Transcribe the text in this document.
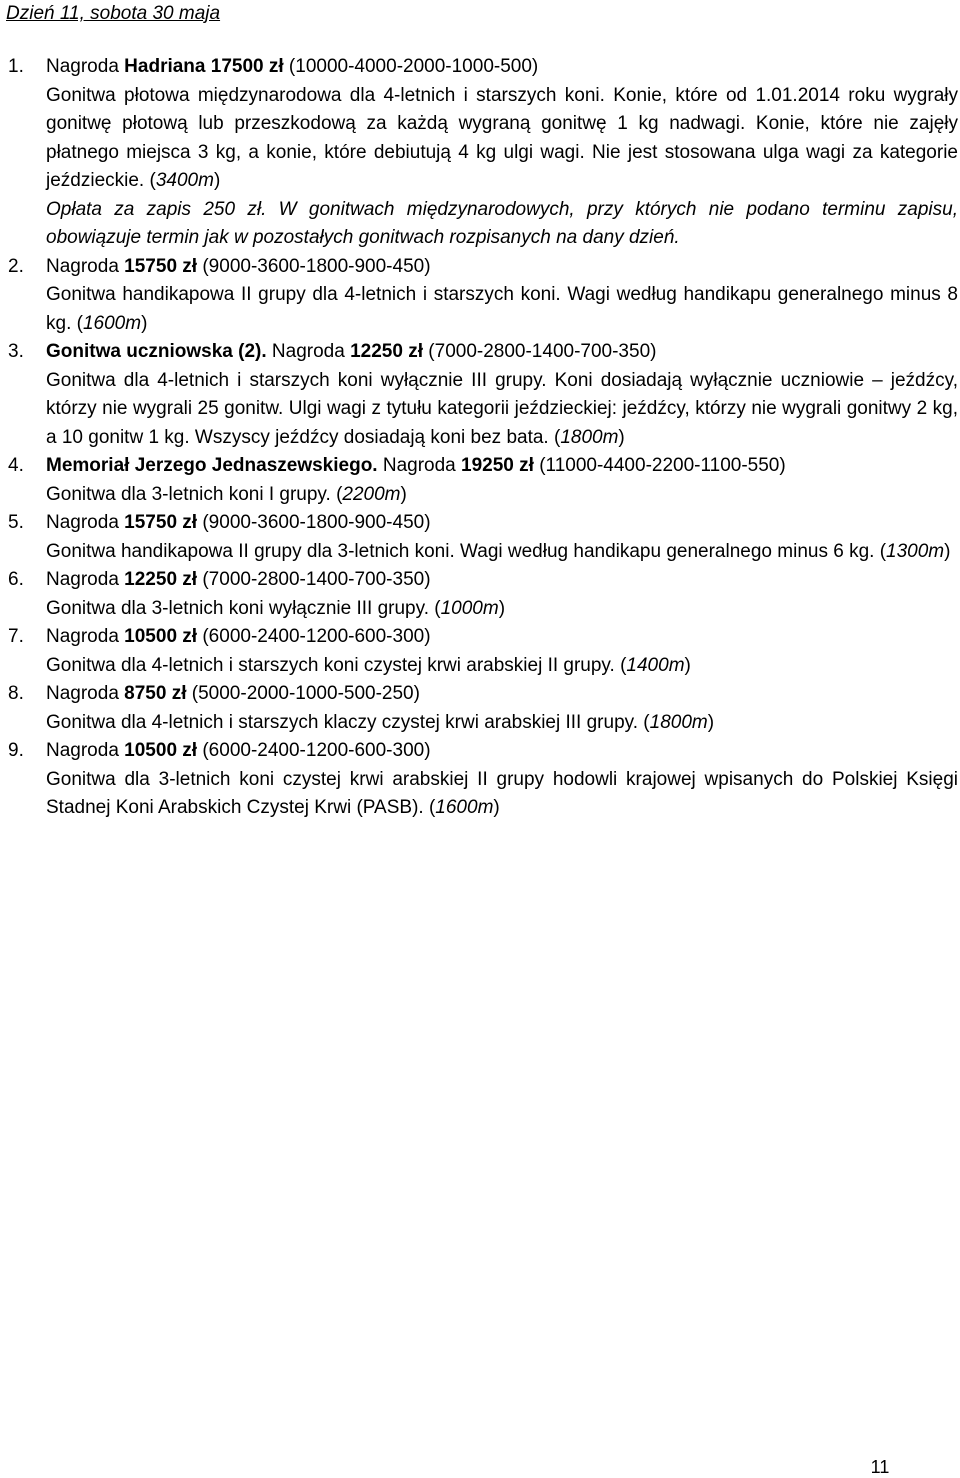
Dzień 11, sobota 30 maja
1. Nagroda Hadriana 17500 zł (10000-4000-2000-1000-500)
Gonitwa płotowa międzynarodowa dla 4-letnich i starszych koni. Konie, które od 1.01.2014 roku wygrały gonitwę płotową lub przeszkodową za każdą wygraną gonitwę 1 kg nadwagi. Konie, które nie zajęły płatnego miejsca 3 kg, a konie, które debiutują 4 kg ulgi wagi. Nie jest stosowana ulga wagi za kategorie jeździeckie. (3400m)
Opłata za zapis 250 zł. W gonitwach międzynarodowych, przy których nie podano terminu zapisu, obowiązuje termin jak w pozostałych gonitwach rozpisanych na dany dzień.
2. Nagroda 15750 zł (9000-3600-1800-900-450)
Gonitwa handikapowa II grupy dla 4-letnich i starszych koni. Wagi według handikapu generalnego minus 8 kg. (1600m)
3. Gonitwa uczniowska (2). Nagroda 12250 zł (7000-2800-1400-700-350)
Gonitwa dla 4-letnich i starszych koni wyłącznie III grupy. Koni dosiadają wyłącznie uczniowie – jeźdźcy, którzy nie wygrali 25 gonitw. Ulgi wagi z tytułu kategorii jeździeckiej: jeźdźcy, którzy nie wygrali gonitwy 2 kg, a 10 gonitw 1 kg. Wszyscy jeźdźcy dosiadają koni bez bata. (1800m)
4. Memoriał Jerzego Jednaszewskiego. Nagroda 19250 zł (11000-4400-2200-1100-550)
Gonitwa dla 3-letnich koni I grupy. (2200m)
5. Nagroda 15750 zł (9000-3600-1800-900-450)
Gonitwa handikapowa II grupy dla 3-letnich koni. Wagi według handikapu generalnego minus 6 kg. (1300m)
6. Nagroda 12250 zł (7000-2800-1400-700-350)
Gonitwa dla 3-letnich koni wyłącznie III grupy. (1000m)
7. Nagroda 10500 zł (6000-2400-1200-600-300)
Gonitwa dla 4-letnich i starszych koni czystej krwi arabskiej II grupy. (1400m)
8. Nagroda 8750 zł (5000-2000-1000-500-250)
Gonitwa dla 4-letnich i starszych klaczy czystej krwi arabskiej III grupy. (1800m)
9. Nagroda 10500 zł (6000-2400-1200-600-300)
Gonitwa dla 3-letnich koni czystej krwi arabskiej II grupy hodowli krajowej wpisanych do Polskiej Księgi Stadnej Koni Arabskich Czystej Krwi (PASB). (1600m)
11
